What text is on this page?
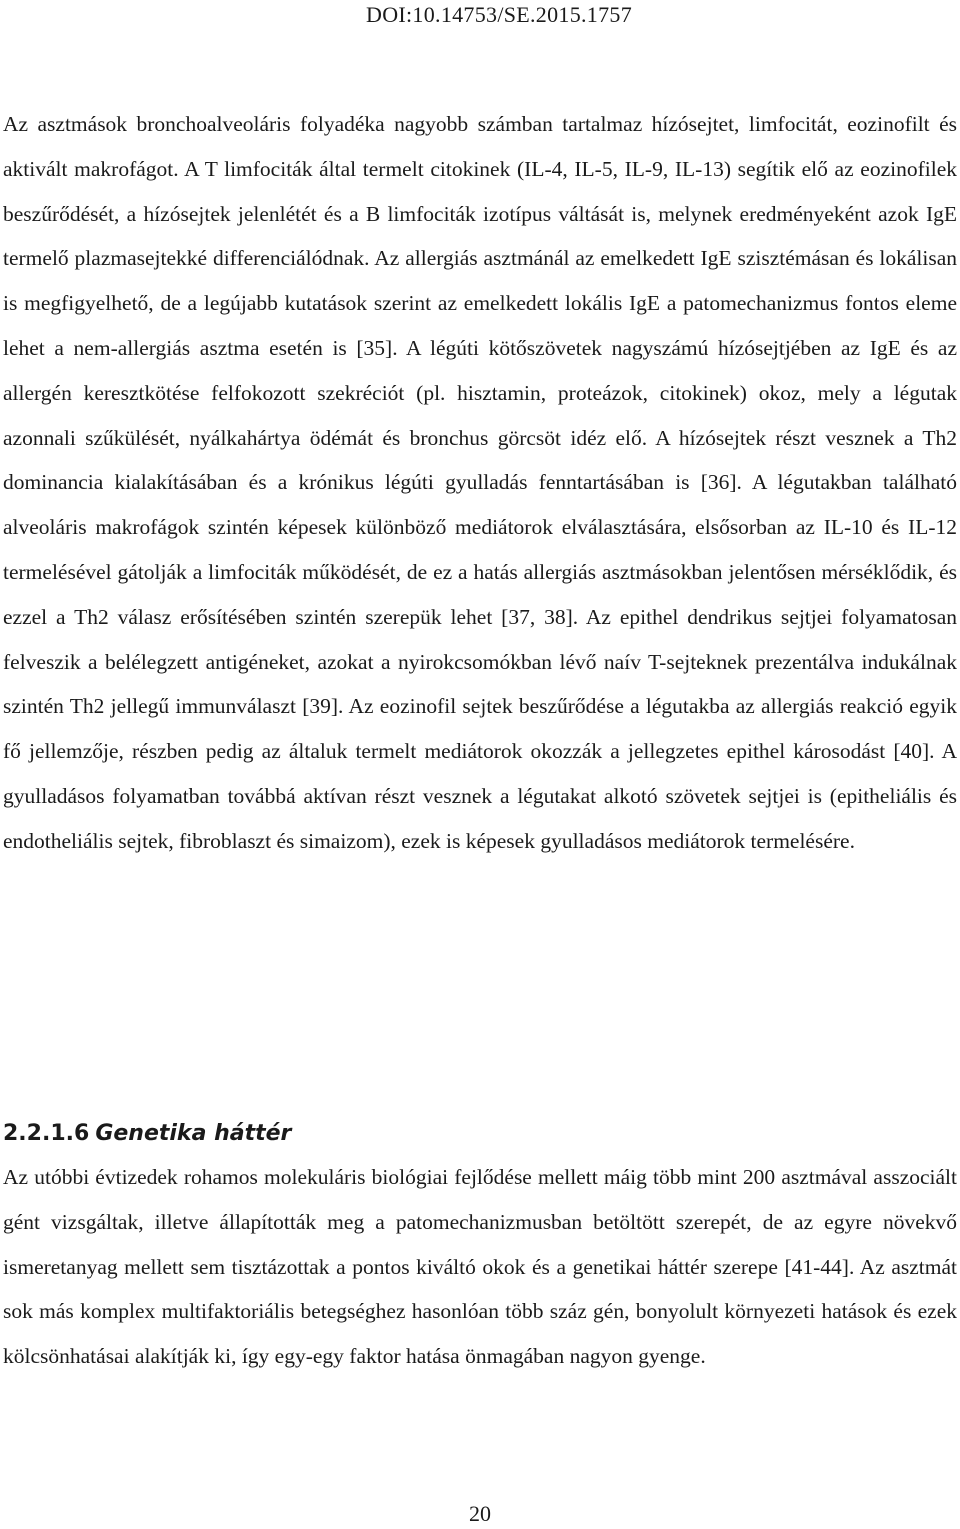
DOI:10.14753/SE.2015.1757

Az asztmások bronchoalveoláris folyadéka nagyobb számban tartalmaz hízósejtet, limfocitát, eozinofilt és aktivált makrofágot. A T limfociták által termelt citokinek (IL-4, IL-5, IL-9, IL-13) segítik elő az eozinofilek beszűrődését, a hízósejtek jelenlétét és a B limfociták izotípus váltását is, melynek eredményeként azok IgE termelő plazmasejtekké differenciálódnak. Az allergiás asztmánál az emelkedett IgE szisztémásan és lokálisan is megfigyelhető, de a legújabb kutatások szerint az emelkedett lokális IgE a patomechanizmus fontos eleme lehet a nem-allergiás asztma esetén is [35]. A légúti kötőszövetek nagyszámú hízósejtjében az IgE és az allergén keresztkötése felfokozott szekréciót (pl. hisztamin, proteázok, citokinek) okoz, mely a légutak azonnali szűkülését, nyálkahártya ödémát és bronchus görcsöt idéz elő. A hízósejtek részt vesznek a Th2 dominancia kialakításában és a krónikus légúti gyulladás fenntartásában is [36]. A légutakban található alveoláris makrofágok szintén képesek különböző mediátorok elválasztására, elsősorban az IL-10 és IL-12 termelésével gátolják a limfociták működését, de ez a hatás allergiás asztmásokban jelentősen mérséklődik, és ezzel a Th2 válasz erősítésében szintén szerepük lehet [37, 38]. Az epithel dendrikus sejtjei folyamatosan felveszik a belélegzett antigéneket, azokat a nyirokcsomókban lévő naív T-sejteknek prezentálva indukálnak szintén Th2 jellegű immunválaszt [39]. Az eozinofil sejtek beszűrődése a légutakba az allergiás reakció egyik fő jellemzője, részben pedig az általuk termelt mediátorok okozzák a jellegzetes epithel károsodást [40]. A gyulladásos folyamatban továbbá aktívan részt vesznek a légutakat alkotó szövetek sejtjei is (epitheliális és endotheliális sejtek, fibroblaszt és simaizom), ezek is képesek gyulladásos mediátorok termelésére.

2.2.1.6 Genetika háttér

Az utóbbi évtizedek rohamos molekuláris biológiai fejlődése mellett máig több mint 200 asztmával asszociált gént vizsgáltak, illetve állapították meg a patomechanizmusban betöltött szerepét, de az egyre növekvő ismeretanyag mellett sem tisztázottak a pontos kiváltó okok és a genetikai háttér szerepe [41-44]. Az asztmát sok más komplex multifaktoriális betegséghez hasonlóan több száz gén, bonyolult környezeti hatások és ezek kölcsönhatásai alakítják ki, így egy-egy faktor hatása önmagában nagyon gyenge.

20
